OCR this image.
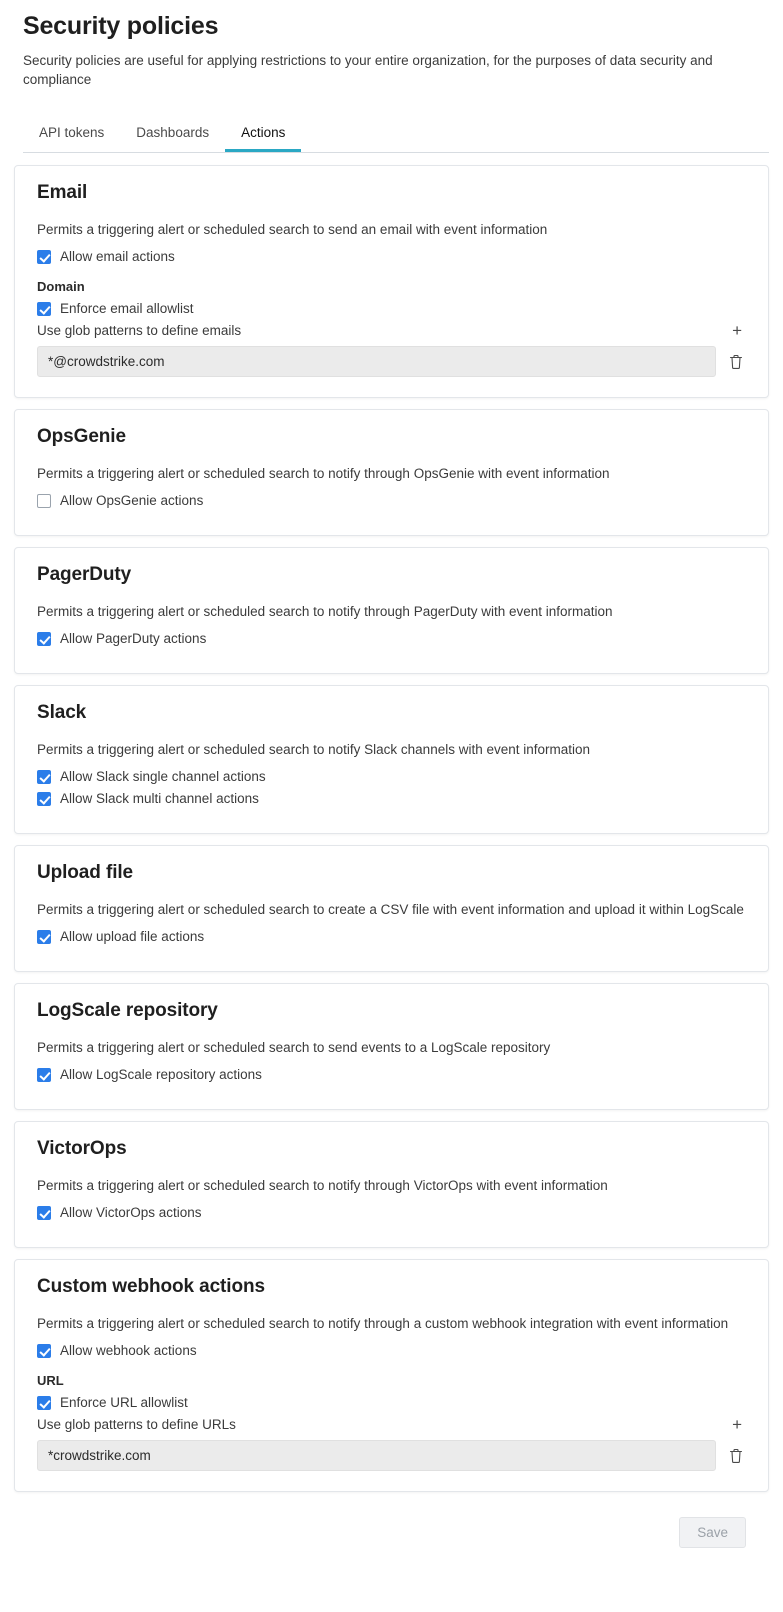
Security policies

Security policies are useful for applying restrictions to your entire organization, for the purposes of data security and compliance

API tokens	Dashboards	Actions
Email
Permits a triggering alert or scheduled search to send an email with event information
Allow email actions
Domain
Enforce email allowlist
Use glob patterns to define emails	+
*@crowdstrike.com
OpsGenie
Permits a triggering alert or scheduled search to notify through OpsGenie with event information
Allow OpsGenie actions
PagerDuty
Permits a triggering alert or scheduled search to notify through PagerDuty with event information
Allow PagerDuty actions
Slack
Permits a triggering alert or scheduled search to notify Slack channels with event information
Allow Slack single channel actions
Allow Slack multi channel actions
Upload file
Permits a triggering alert or scheduled search to create a CSV file with event information and upload it within LogScale
Allow upload file actions
LogScale repository
Permits a triggering alert or scheduled search to send events to a LogScale repository
Allow LogScale repository actions
VictorOps
Permits a triggering alert or scheduled search to notify through VictorOps with event information
Allow VictorOps actions
Custom webhook actions
Permits a triggering alert or scheduled search to notify through a custom webhook integration with event information
Allow webhook actions
URL
Enforce URL allowlist
Use glob patterns to define URLs	+
*crowdstrike.com
Save
